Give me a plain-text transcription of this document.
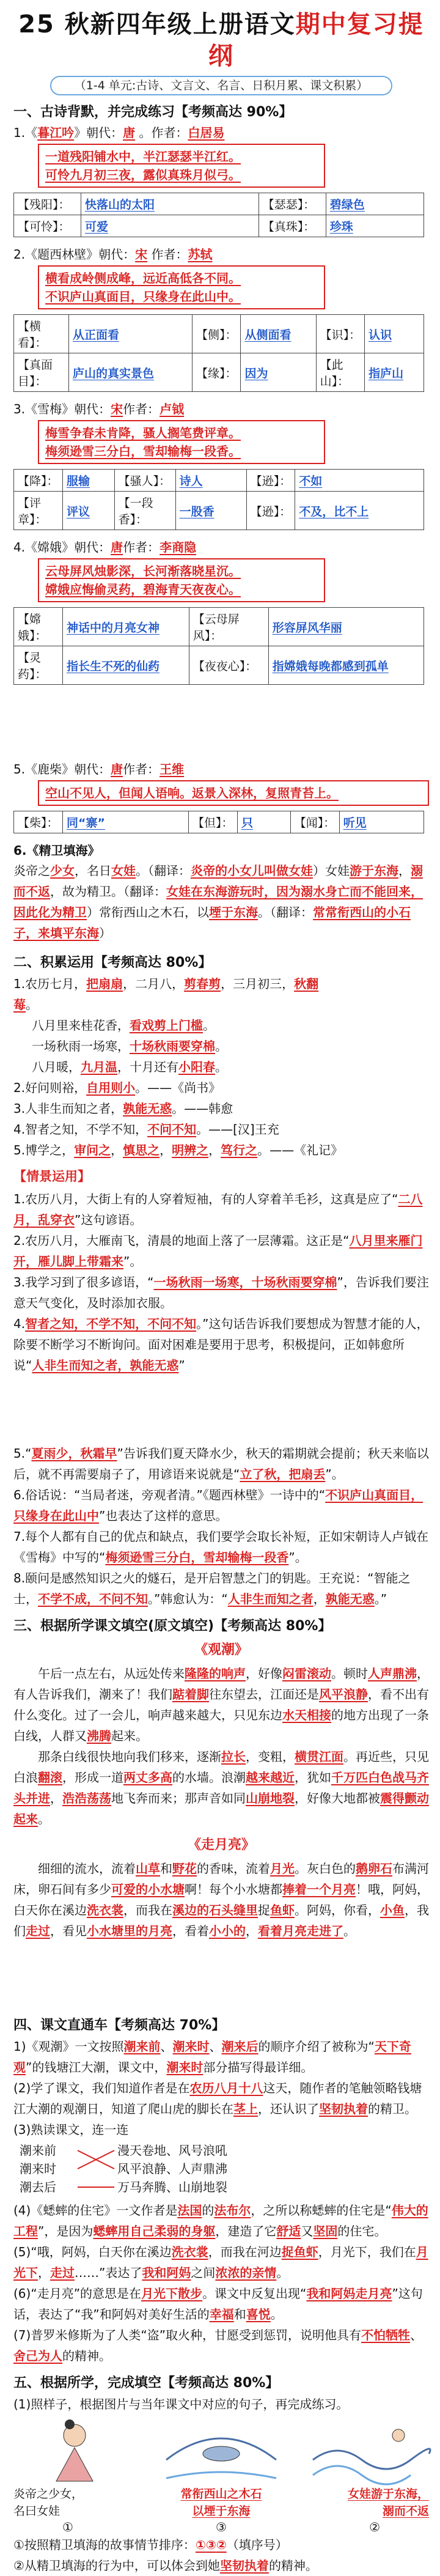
25 秋新四年级上册语文期中复习提纲
（1-4 单元:古诗、文言文、名言、日积月累、课文积累）
一、古诗背默，并完成练习【考频高达 90%】
1.《暮江吟》朝代：唐 。作者：白居易
一道残阳铺水中，半江瑟瑟半江红。
可怜九月初三夜，露似真珠月似弓。
【残阳】：	快落山的太阳	【瑟瑟】：	碧绿色
【可怜】：	可爱	【真珠】：	珍珠
2.《题西林壁》朝代：宋 作者：苏轼
横看成岭侧成峰，远近高低各不同。
不识庐山真面目，只缘身在此山中。
【横看】：	从正面看	【侧】：	从侧面看	【识】：	认识
【真面目】：	庐山的真实景色	【缘】：	因为	【此山】：	指庐山
3.《雪梅》朝代：宋作者：卢钺
梅雪争春未肯降，骚人搁笔费评章。
梅须逊雪三分白，雪却输梅一段香。
【降】：	服输	【骚人】：	诗人	【逊】：	不如
【评章】：	评议	【一段香】：	一股香	【逊】：	不及，比不上
4.《嫦娥》朝代：唐作者：李商隐
云母屏风烛影深，长河渐落晓星沉。
嫦娥应悔偷灵药，碧海青天夜夜心。
【嫦娥】：	神话中的月亮女神	【云母屏风】：	形容屏风华丽
【灵药】：	指长生不死的仙药	【夜夜心】：	指嫦娥每晚都感到孤单
5.《鹿柴》朝代：唐作者：王维
空山不见人，但闻人语响。返景入深林，复照青苔上。
【柴】：	同“寨”	【但】：	只	【闻】：	听见
6.《精卫填海》
炎帝之少女，名日女娃。（翻译：炎帝的小女儿叫做女娃）女娃游于东海，溺而不返，故为精卫。（翻译：女娃在东海游玩时，因为溺水身亡而不能回来，因此化为精卫）常衔西山之木石，以堙于东海。（翻译：常常衔西山的小石子，来填平东海）
二、积累运用【考频高达 80%】
1.农历七月，把扇扇，二月八，剪春剪，三月初三，秋翻莓。
八月里来桂花香，看戏剪上门槛。
一场秋雨一场寒，十场秋雨要穿棉。
八月暖，九月温，十月还有小阳春。
2.好问则裕，自用则小。——《尚书》
3.人非生而知之者，孰能无惑。——韩愈
4.智者之知，不学不知，不问不知。——[汉]王充
5.博学之，审问之，慎思之，明辨之，笃行之。——《礼记》
【情景运用】
1.农历八月，大街上有的人穿着短袖，有的人穿着羊毛衫，这真是应了“二八月，乱穿衣”这句谚语。
2.农历八月，大雁南飞，清晨的地面上落了一层薄霜。这正是“八月里来雁门开，雁儿脚上带霜来”。
3.我学习到了很多谚语，“一场秋雨一场寒，十场秋雨要穿棉”，告诉我们要注意天气变化，及时添加衣服。
4.智者之知，不学不知，不问不知。”这句话告诉我们要想成为智慧才能的人，除要不断学习不断询问。面对困难是要用于思考，积极提问，正如韩愈所说“人非生而知之者，孰能无惑”
5.“夏雨少，秋霜早”告诉我们夏天降水少，秋天的霜期就会提前；秋天来临以后，就不再需要扇子了，用谚语来说就是“立了秋，把扇丢”。
6.俗话说：“当局者迷，旁观者清。”《题西林壁》一诗中的“不识庐山真面目，只缘身在此山中”也表达了这样的意思。
7.每个人都有自己的优点和缺点，我们要学会取长补短，正如宋朝诗人卢钺在《雪梅》中写的“梅须逊雪三分白，雪却输梅一段香”。
8.颐问是感然知识之火的燧石，是开启智慧之门的钥匙。王充说：“智能之士，不学不成，不问不知。”韩愈认为：“人非生而知之者，孰能无惑。”
三、根据所学课文填空(原文填空)【考频高达 80%】
《观潮》
午后一点左右，从远处传来隆隆的响声，好像闷雷滚动。顿时人声鼎沸，有人告诉我们，潮来了！我们踮着脚往东望去，江面还是风平浪静，看不出有什么变化。过了一会儿，响声越来越大，只见东边水天相接的地方出现了一条白线，人群又沸腾起来。
那条白线很快地向我们移来，逐渐拉长，变粗，横贯江面。再近些，只见白浪翻滚，形成一道两丈多高的水墙。浪潮越来越近，犹如千万匹白色战马齐头并进，浩浩荡荡地飞奔而来；那声音如同山崩地裂，好像大地都被震得颤动起来。
《走月亮》
细细的流水，流着山草和野花的香味，流着月光。灰白色的鹅卵石布满河床，卵石间有多少可爱的小水塘啊！每个小水塘都捧着一个月亮！哦，阿妈，白天你在溪边洗衣裳，而我在溪边的石头缝里捉鱼虾。阿妈，你看，小鱼，我们走过，看见小水塘里的月亮，看着小小的，看着月亮走进了。
四、课文直通车【考频高达 70%】
1)《观潮》一文按照潮来前、潮来时、潮来后的顺序介绍了被称为“天下奇观”的钱塘江大潮，课文中，潮来时部分描写得最详细。
(2)学了课文，我们知道作者是在农历八月十八这天，随作者的笔触领略钱塘江大潮的观潮日，知道了爬山虎的脚长在茎上，还认识了坚韧执着的精卫。
(3)熟读课文，连一连
潮来前
潮来时
潮去后
漫天卷地、风号浪吼
风平浪静、人声鼎沸
万马奔腾、山崩地裂
(4)《蟋蟀的住宅》一文作者是法国的法布尔，之所以称蟋蟀的住宅是“伟大的工程”，是因为蟋蟀用自己柔弱的身躯，建造了它舒适又坚固的住宅。
(5)“哦，阿妈，白天你在溪边洗衣裳，而我在河边捉鱼虾，月光下，我们在月光下，走过……”表达了我和阿妈之间浓浓的亲情。
(6)“走月亮”的意思是在月光下散步。课文中反复出现“我和阿妈走月亮”这句话，表达了“我”和阿妈对美好生活的幸福和喜悦。
(7)普罗米修斯为了人类“盗”取火种，甘愿受到惩罚，说明他具有不怕牺牲、舍己为人的精神。
五、根据所学，完成填空【考频高达 80%】
(1)照样子，根据图片与当年课文中对应的句子，再完成练习。
炎帝之少女，
名曰女娃
常衔西山之木石
以堙于东海
女娃游于东海，
溺而不返
①	③	②
①按照精卫填海的故事情节排序：①③②（填序号）
②从精卫填海的行为中，可以体会到她坚韧执着的精神。
